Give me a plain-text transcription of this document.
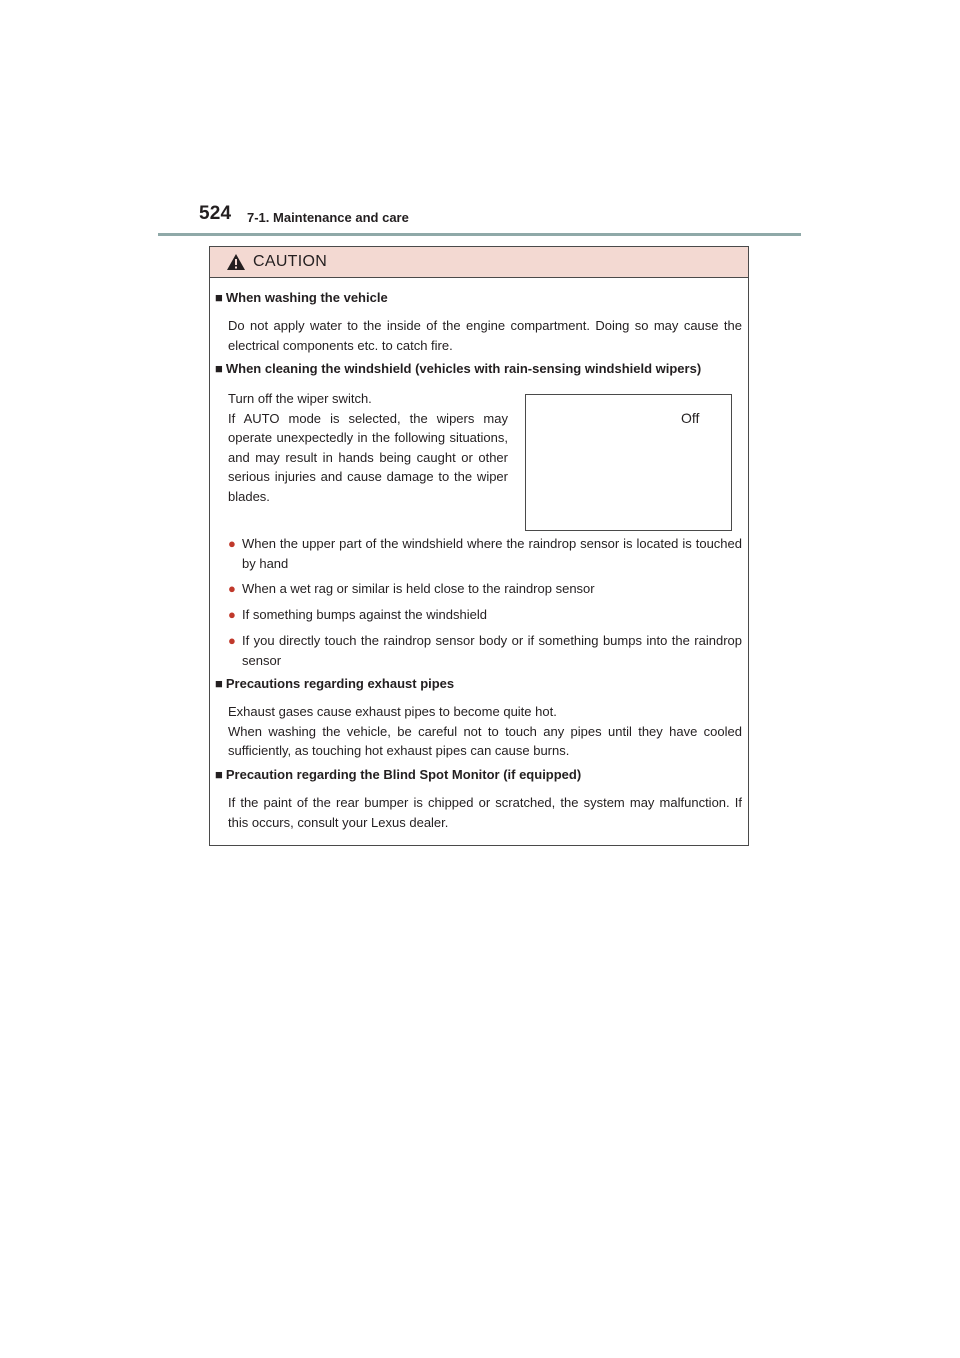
524 7-1. Maintenance and care
CAUTION
■ When washing the vehicle
Do not apply water to the inside of the engine compartment. Doing so may cause the electrical components etc. to catch fire.
■ When cleaning the windshield (vehicles with rain-sensing windshield wipers)
Turn off the wiper switch.
If AUTO mode is selected, the wipers may operate unexpectedly in the following situations, and may result in hands being caught or other serious injuries and cause damage to the wiper blades.
Off
● When the upper part of the windshield where the raindrop sensor is located is touched by hand
● When a wet rag or similar is held close to the raindrop sensor
● If something bumps against the windshield
● If you directly touch the raindrop sensor body or if something bumps into the raindrop sensor
■ Precautions regarding exhaust pipes
Exhaust gases cause exhaust pipes to become quite hot.
When washing the vehicle, be careful not to touch any pipes until they have cooled sufficiently, as touching hot exhaust pipes can cause burns.
■ Precaution regarding the Blind Spot Monitor (if equipped)
If the paint of the rear bumper is chipped or scratched, the system may malfunction. If this occurs, consult your Lexus dealer.
